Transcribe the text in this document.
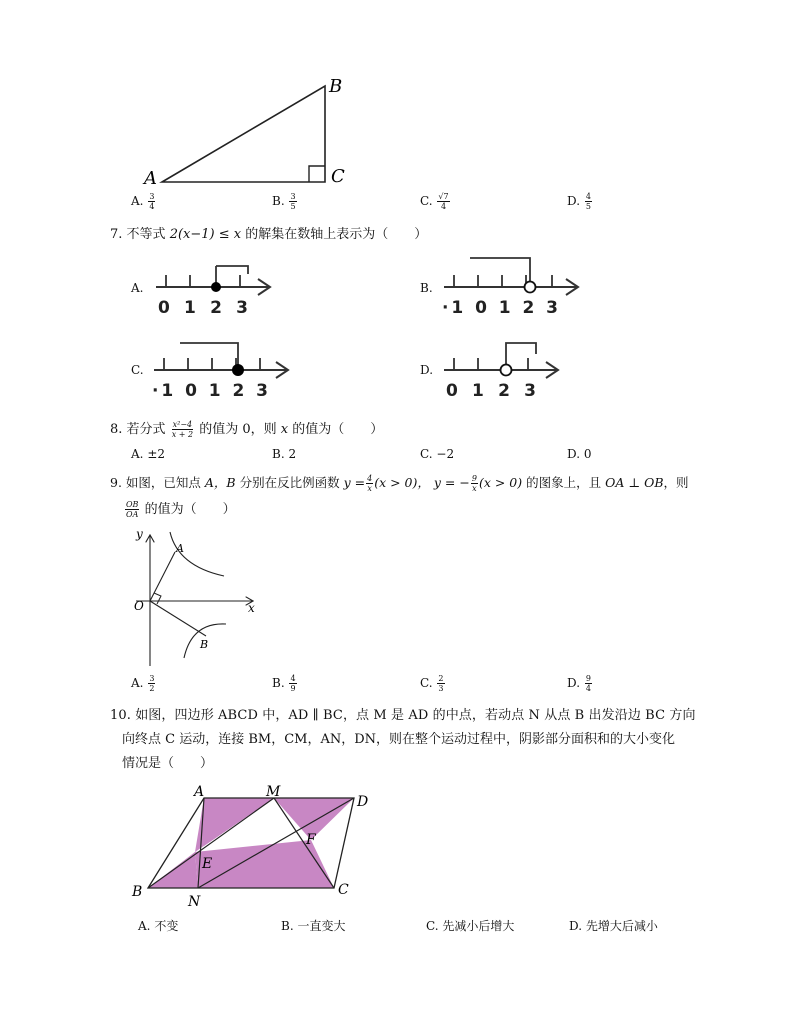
A
B
C
A. $\frac{3}{4}$	B. $\frac{3}{5}$	C. $\frac{√7}{4}$	D. $\frac{4}{5}$
7. 不等式 2(x−1) ≤ x 的解集在数轴上表示为（　　）
A.
0 1 2 3
B.
·1 0 1 2 3
C.
·1 0 1 2 3
D.
0 1 2 3
8. 若分式 $\frac{\text{x²−4}}{x + 2}$ 的值为 0，则 x 的值为（　　）
A. ±2	B. 2	C. −2	D. 0
9. 如图，已知点 A，B 分别在反比例函数 $y = \frac{4}{x} (x > 0)$， y = − $\frac{9}{x} (x > 0)$ 的图象上，且 OA ⊥ OB，则
$\frac{OB}{OA}$ 的值为（　　）
y
x
O
A
B
A. $\frac{3}{2}$	B. $\frac{4}{9}$	C. $\frac{2}{3}$	D. $\frac{9}{4}$
10. 如图，四边形 ABCD 中，AD ∥ BC，点 M 是 AD 的中点，若动点 N 从点 B 出发沿边 BC 方向
向终点 C 运动，连接 BM，CM，AN，DN，则在整个运动过程中，阴影部分面积和的大小变化
情况是（　　）
A	M
D
B
N
C
E
F
A. 不变	B. 一直变大	C. 先减小后增大	D. 先增大后减小
